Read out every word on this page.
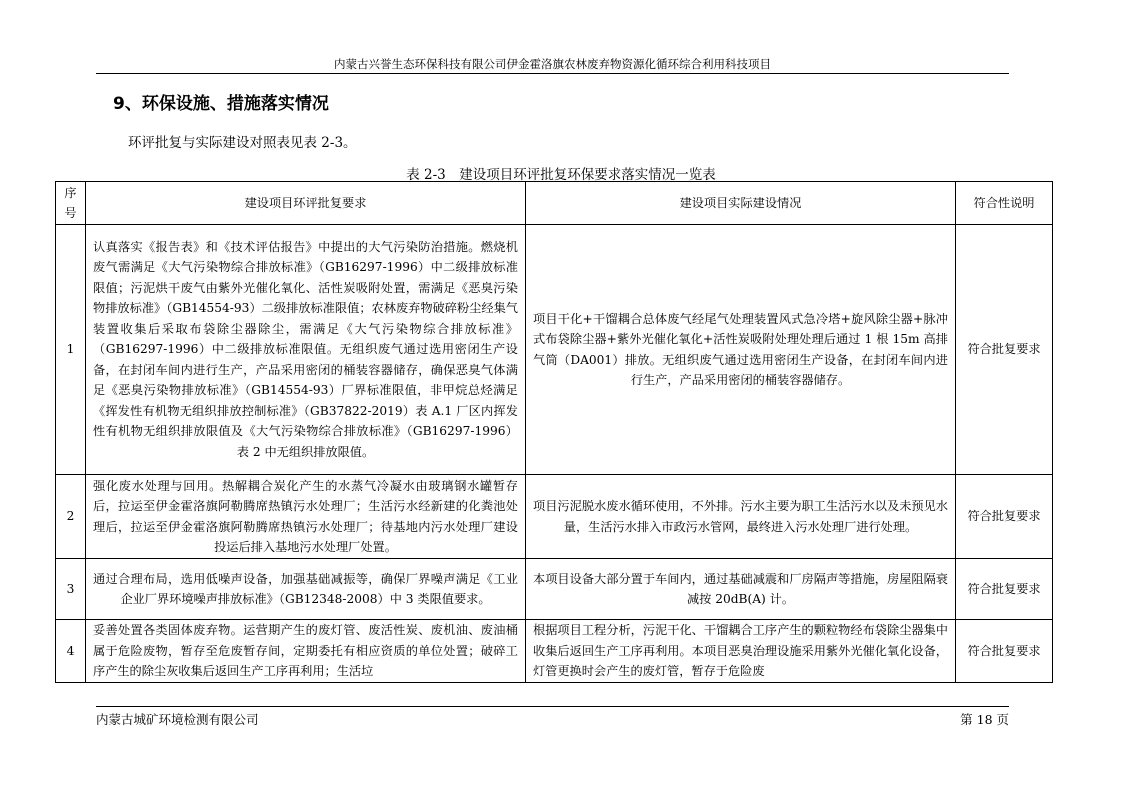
内蒙古兴誉生态环保科技有限公司伊金霍洛旗农林废弃物资源化循环综合利用科技项目
9、环保设施、措施落实情况
环评批复与实际建设对照表见表 2-3。
表 2-3　建设项目环评批复环保要求落实情况一览表
序号	建设项目环评批复要求	建设项目实际建设情况	符合性说明
1	认真落实《报告表》和《技术评估报告》中提出的大气污染防治措施。燃烧机废气需满足《大气污染物综合排放标准》（GB16297-1996）中二级排放标准限值；污泥烘干废气由紫外光催化氧化、活性炭吸附处置，需满足《恶臭污染物排放标准》（GB14554-93）二级排放标准限值；农林废弃物破碎粉尘经集气装置收集后采取布袋除尘器除尘，需满足《大气污染物综合排放标准》（GB16297-1996）中二级排放标准限值。无组织废气通过选用密闭生产设备，在封闭车间内进行生产，产品采用密闭的桶装容器储存，确保恶臭气体满足《恶臭污染物排放标准》（GB14554-93）厂界标准限值，非甲烷总烃满足《挥发性有机物无组织排放控制标准》（GB37822-2019）表 A.1 厂区内挥发性有机物无组织排放限值及《大气污染物综合排放标准》（GB16297-1996）表 2 中无组织排放限值。	项目干化+干馏耦合总体废气经尾气处理装置风式急冷塔+旋风除尘器+脉冲式布袋除尘器+紫外光催化氧化+活性炭吸附处理处理后通过 1 根 15m 高排气筒（DA001）排放。无组织废气通过选用密闭生产设备，在封闭车间内进行生产，产品采用密闭的桶装容器储存。	符合批复要求
2	强化废水处理与回用。热解耦合炭化产生的水蒸气冷凝水由玻璃钢水罐暂存后，拉运至伊金霍洛旗阿勒腾席热镇污水处理厂；生活污水经新建的化粪池处理后，拉运至伊金霍洛旗阿勒腾席热镇污水处理厂；待基地内污水处理厂建设投运后排入基地污水处理厂处置。	项目污泥脱水废水循环使用，不外排。污水主要为职工生活污水以及未预见水量，生活污水排入市政污水管网，最终进入污水处理厂进行处理。	符合批复要求
3	通过合理布局，选用低噪声设备，加强基础减振等，确保厂界噪声满足《工业企业厂界环境噪声排放标准》（GB12348-2008）中 3 类限值要求。	本项目设备大部分置于车间内，通过基础减震和厂房隔声等措施，房屋阻隔衰减按 20dB(A) 计。	符合批复要求
4	妥善处置各类固体废弃物。运营期产生的废灯管、废活性炭、废机油、废油桶属于危险废物，暂存至危废暂存间，定期委托有相应资质的单位处置；破碎工序产生的除尘灰收集后返回生产工序再利用；生活垃	根据项目工程分析，污泥干化、干馏耦合工序产生的颗粒物经布袋除尘器集中收集后返回生产工序再利用。本项目恶臭治理设施采用紫外光催化氧化设备，灯管更换时会产生的废灯管，暂存于危险废	符合批复要求
内蒙古城矿环境检测有限公司	第 18 页
